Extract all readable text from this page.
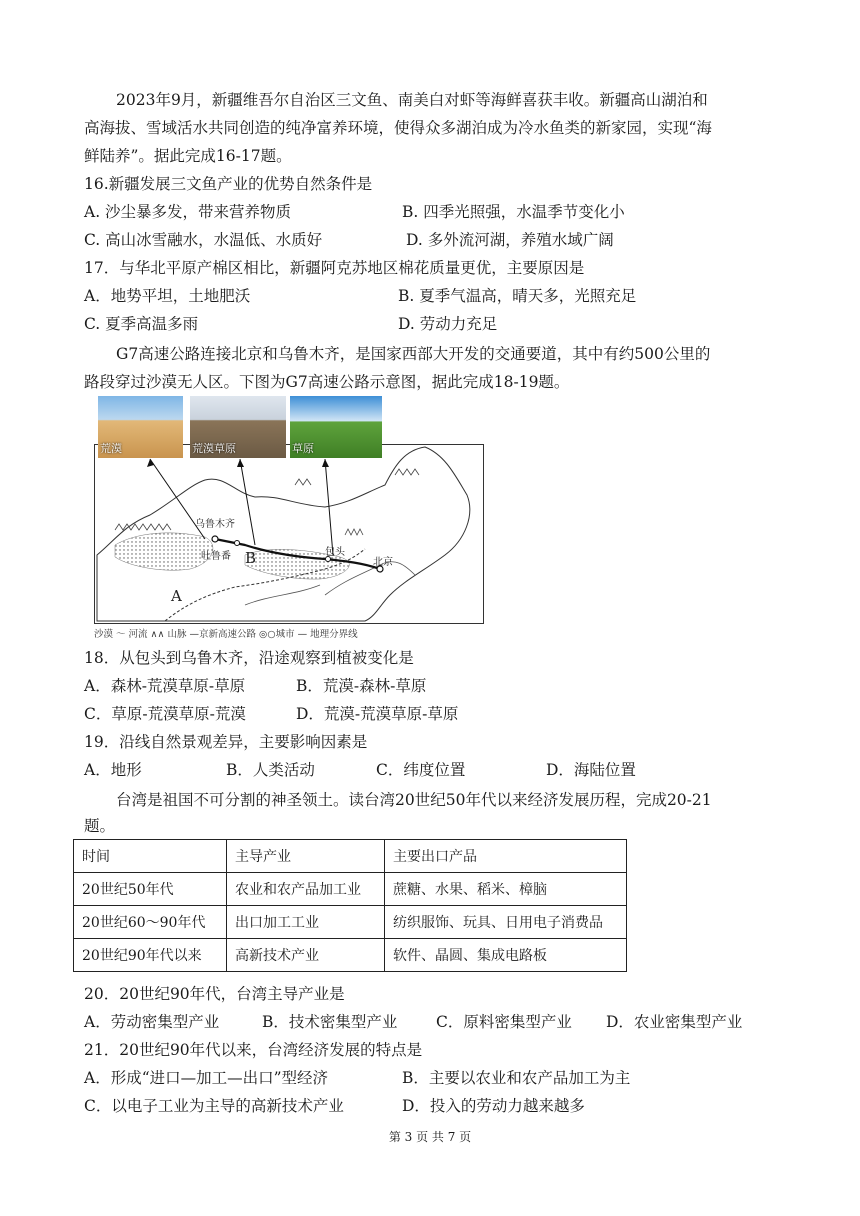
2023年9月，新疆维吾尔自治区三文鱼、南美白对虾等海鲜喜获丰收。新疆高山湖泊和
高海拔、雪域活水共同创造的纯净富养环境，使得众多湖泊成为冷水鱼类的新家园，实现“海
鲜陆养”。据此完成16-17题。
16.新疆发展三文鱼产业的优势自然条件是
A. 沙尘暴多发，带来营养物质	B. 四季光照强，水温季节变化小
C. 高山冰雪融水，水温低、水质好	D. 多外流河湖，养殖水域广阔
17．与华北平原产棉区相比，新疆阿克苏地区棉花质量更优，主要原因是
A．地势平坦，土地肥沃	B. 夏季气温高，晴天多，光照充足
C. 夏季高温多雨	D. 劳动力充足
G7高速公路连接北京和乌鲁木齐，是国家西部大开发的交通要道，其中有约500公里的
路段穿过沙漠无人区。下图为G7高速公路示意图，据此完成18-19题。
乌鲁木齐
吐鲁番	包头
北京
B
A
荒漠	荒漠草原	草原
沙漠 ～ 河流 ∧∧ 山脉 —京新高速公路 ◎○城市 — 地理分界线
18．从包头到乌鲁木齐，沿途观察到植被变化是
A．森林-荒漠草原-草原	B．荒漠-森林-草原
C．草原-荒漠草原-荒漠	D．荒漠-荒漠草原-草原
19．沿线自然景观差异，主要影响因素是
A．地形	B．人类活动	C．纬度位置	D．海陆位置
台湾是祖国不可分割的神圣领土。读台湾20世纪50年代以来经济发展历程，完成20-21
题。
时间	主导产业	主要出口产品
20世纪50年代	农业和农产品加工业	蔗糖、水果、稻米、樟脑
20世纪60～90年代	出口加工工业	纺织服饰、玩具、日用电子消费品
20世纪90年代以来	高新技术产业	软件、晶圆、集成电路板
20．20世纪90年代，台湾主导产业是
A．劳动密集型产业	B．技术密集型产业 C．原料密集型产业 D．农业密集型产业
21．20世纪90年代以来，台湾经济发展的特点是
A．形成“进口—加工—出口”型经济	B．主要以农业和农产品加工为主
C．以电子工业为主导的高新技术产业	D．投入的劳动力越来越多
第 3 页 共 7 页
